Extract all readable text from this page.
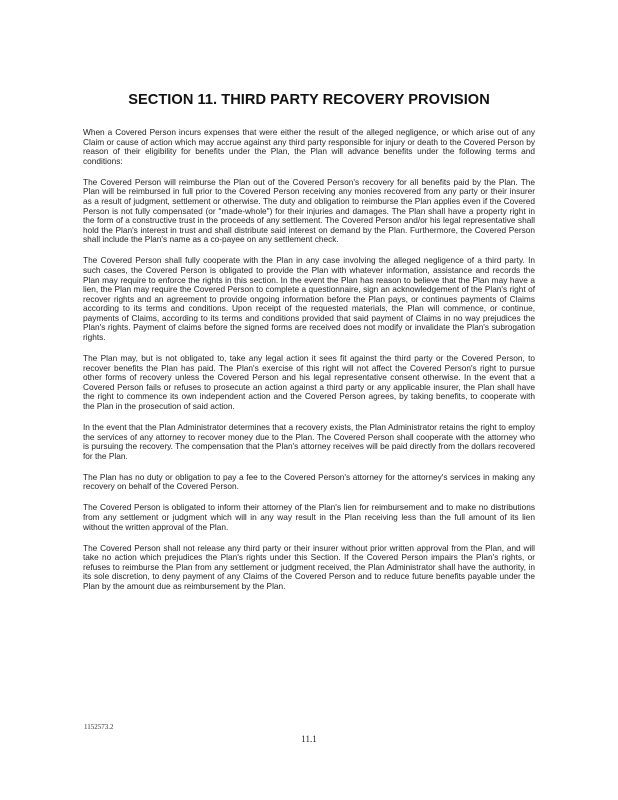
SECTION 11. THIRD PARTY RECOVERY PROVISION

When a Covered Person incurs expenses that were either the result of the alleged negligence, or which arise out of any Claim or cause of action which may accrue against any third party responsible for injury or death to the Covered Person by reason of their eligibility for benefits under the Plan, the Plan will advance benefits under the following terms and conditions:

The Covered Person will reimburse the Plan out of the Covered Person's recovery for all benefits paid by the Plan. The Plan will be reimbursed in full prior to the Covered Person receiving any monies recovered from any party or their insurer as a result of judgment, settlement or otherwise. The duty and obligation to reimburse the Plan applies even if the Covered Person is not fully compensated (or "made-whole") for their injuries and damages. The Plan shall have a property right in the form of a constructive trust in the proceeds of any settlement. The Covered Person and/or his legal representative shall hold the Plan's interest in trust and shall distribute said interest on demand by the Plan. Furthermore, the Covered Person shall include the Plan's name as a co-payee on any settlement check.

The Covered Person shall fully cooperate with the Plan in any case involving the alleged negligence of a third party. In such cases, the Covered Person is obligated to provide the Plan with whatever information, assistance and records the Plan may require to enforce the rights in this section. In the event the Plan has reason to believe that the Plan may have a lien, the Plan may require the Covered Person to complete a questionnaire, sign an acknowledgement of the Plan's right of recover rights and an agreement to provide ongoing information before the Plan pays, or continues payments of Claims according to its terms and conditions. Upon receipt of the requested materials, the Plan will commence, or continue, payments of Claims, according to its terms and conditions provided that said payment of Claims in no way prejudices the Plan's rights. Payment of claims before the signed forms are received does not modify or invalidate the Plan's subrogation rights.

The Plan may, but is not obligated to, take any legal action it sees fit against the third party or the Covered Person, to recover benefits the Plan has paid. The Plan's exercise of this right will not affect the Covered Person's right to pursue other forms of recovery unless the Covered Person and his legal representative consent otherwise. In the event that a Covered Person fails or refuses to prosecute an action against a third party or any applicable insurer, the Plan shall have the right to commence its own independent action and the Covered Person agrees, by taking benefits, to cooperate with the Plan in the prosecution of said action.

In the event that the Plan Administrator determines that a recovery exists, the Plan Administrator retains the right to employ the services of any attorney to recover money due to the Plan. The Covered Person shall cooperate with the attorney who is pursuing the recovery. The compensation that the Plan's attorney receives will be paid directly from the dollars recovered for the Plan.

The Plan has no duty or obligation to pay a fee to the Covered Person's attorney for the attorney's services in making any recovery on behalf of the Covered Person.

The Covered Person is obligated to inform their attorney of the Plan's lien for reimbursement and to make no distributions from any settlement or judgment which will in any way result in the Plan receiving less than the full amount of its lien without the written approval of the Plan.

The Covered Person shall not release any third party or their insurer without prior written approval from the Plan, and will take no action which prejudices the Plan's rights under this Section. If the Covered Person impairs the Plan's rights, or refuses to reimburse the Plan from any settlement or judgment received, the Plan Administrator shall have the authority, in its sole discretion, to deny payment of any Claims of the Covered Person and to reduce future benefits payable under the Plan by the amount due as reimbursement by the Plan.

1152573.2
11.1
